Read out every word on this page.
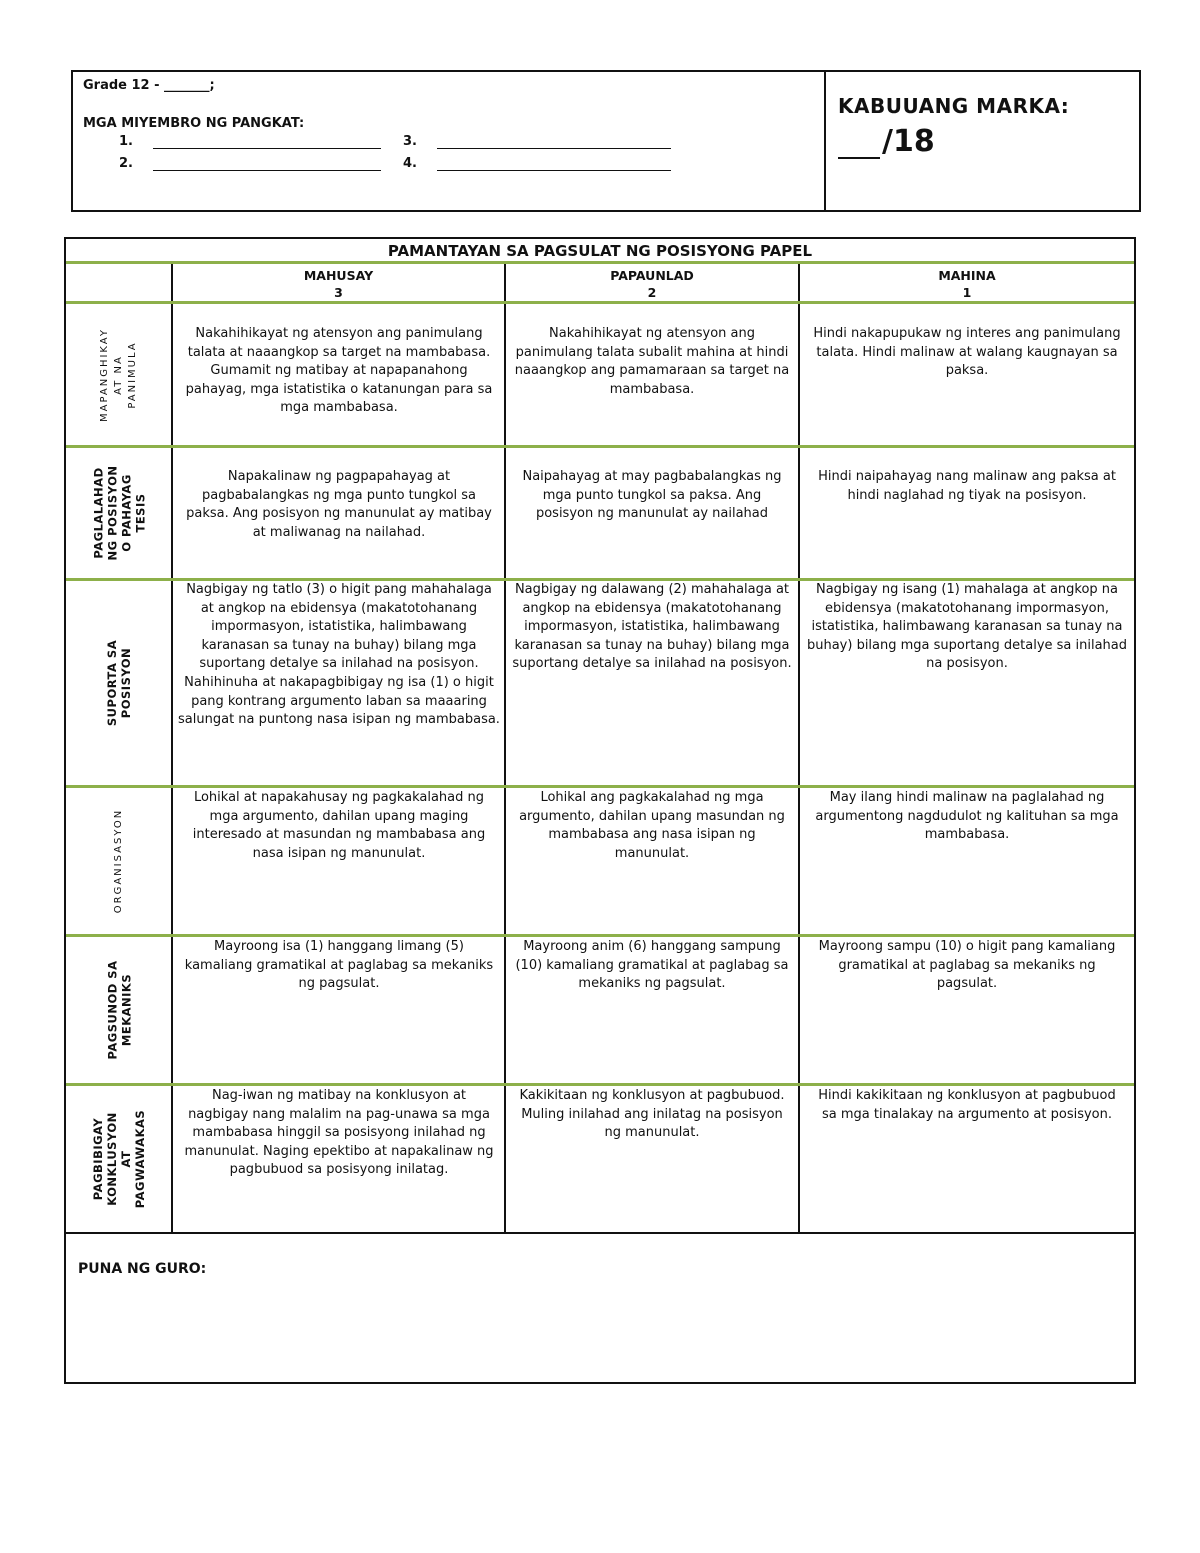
Grade 12 - _______;
MGA MIYEMBRO NG PANGKAT:
1.
2.
3.
4.
KABUUANG MARKA:
/18
PAMANTAYAN SA PAGSULAT NG POSISYONG PAPEL
MAHUSAY
3
PAPAUNLAD
2
MAHINA
1
MAPANGHIKAY
AT NA
PANIMULA
Nakahihikayat ng atensyon ang panimulang talata at naaangkop sa target na mambabasa. Gumamit ng matibay at napapanahong pahayag, mga istatistika o katanungan para sa mga mambabasa.
Nakahihikayat ng atensyon ang panimulang talata subalit mahina at hindi naaangkop ang pamamaraan sa target na mambabasa.
Hindi nakapupukaw ng interes ang panimulang talata. Hindi malinaw at walang kaugnayan sa paksa.
PAGLALAHAD
NG POSISYON
O PAHAYAG
TESIS
Napakalinaw ng pagpapahayag at pagbabalangkas ng mga punto tungkol sa paksa. Ang posisyon ng manunulat ay matibay at maliwanag na nailahad.
Naipahayag at may pagbabalangkas ng mga punto tungkol sa paksa. Ang posisyon ng manunulat ay nailahad
Hindi naipahayag nang malinaw ang paksa at hindi naglahad ng tiyak na posisyon.
SUPORTA SA POSISYON
Nagbigay ng tatlo (3) o higit pang mahahalaga at angkop na ebidensya (makatotohanang impormasyon, istatistika, halimbawang karanasan sa tunay na buhay) bilang mga suportang detalye sa inilahad na posisyon. Nahihinuha at nakapagbibigay ng isa (1) o higit pang kontrang argumento laban sa maaaring salungat na puntong nasa isipan ng mambabasa.
Nagbigay ng dalawang (2) mahahalaga at angkop na ebidensya (makatotohanang impormasyon, istatistika, halimbawang karanasan sa tunay na buhay) bilang mga suportang detalye sa inilahad na posisyon.
Nagbigay ng isang (1) mahalaga at angkop na ebidensya (makatotohanang impormasyon, istatistika, halimbawang karanasan sa tunay na buhay) bilang mga suportang detalye sa inilahad na posisyon.
ORGANISASYON
Lohikal at napakahusay ng pagkakalahad ng mga argumento, dahilan upang maging interesado at masundan ng mambabasa ang nasa isipan ng manunulat.
Lohikal ang pagkakalahad ng mga argumento, dahilan upang masundan ng mambabasa ang nasa isipan ng manunulat.
May ilang hindi malinaw na paglalahad ng argumentong nagdudulot ng kalituhan sa mga mambabasa.
PAGSUNOD SA
MEKANIKS
Mayroong isa (1) hanggang limang (5) kamaliang gramatikal at paglabag sa mekaniks ng pagsulat.
Mayroong anim (6) hanggang sampung (10) kamaliang gramatikal at paglabag sa mekaniks ng pagsulat.
Mayroong sampu (10) o higit pang kamaliang gramatikal at paglabag sa mekaniks ng pagsulat.
PAGBIBIGAY
KONKLUSYON
AT
PAGWAWAKAS
Nag-iwan ng matibay na konklusyon at nagbigay nang malalim na pag-unawa sa mga mambabasa hinggil sa posisyong inilahad ng manunulat. Naging epektibo at napakalinaw ng pagbubuod sa posisyong inilatag.
Kakikitaan ng konklusyon at pagbubuod. Muling inilahad ang inilatag na posisyon ng manunulat.
Hindi kakikitaan ng konklusyon at pagbubuod sa mga tinalakay na argumento at posisyon.
PUNA NG GURO:
